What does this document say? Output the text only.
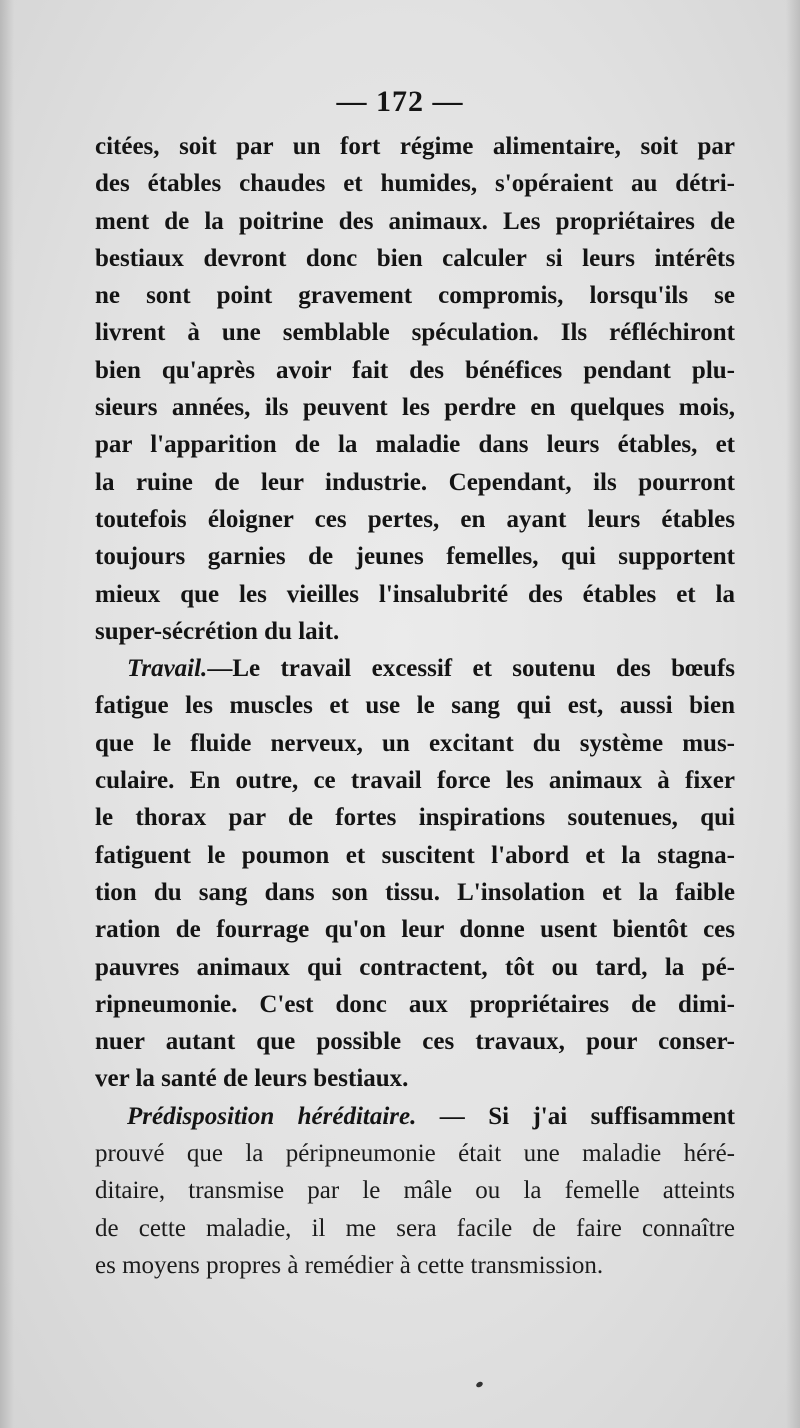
— 172 —
citées, soit par un fort régime alimentaire, soit par
des étables chaudes et humides, s'opéraient au détri-
ment de la poitrine des animaux. Les propriétaires de
bestiaux devront donc bien calculer si leurs intérêts
ne sont point gravement compromis, lorsqu'ils se
livrent à une semblable spéculation. Ils réfléchiront
bien qu'après avoir fait des bénéfices pendant plu-
sieurs années, ils peuvent les perdre en quelques mois,
par l'apparition de la maladie dans leurs étables, et
la ruine de leur industrie. Cependant, ils pourront
toutefois éloigner ces pertes, en ayant leurs étables
toujours garnies de jeunes femelles, qui supportent
mieux que les vieilles l'insalubrité des étables et la
super-sécrétion du lait.
Travail.—Le travail excessif et soutenu des bœufs
fatigue les muscles et use le sang qui est, aussi bien
que le fluide nerveux, un excitant du système mus-
culaire. En outre, ce travail force les animaux à fixer
le thorax par de fortes inspirations soutenues, qui
fatiguent le poumon et suscitent l'abord et la stagna-
tion du sang dans son tissu. L'insolation et la faible
ration de fourrage qu'on leur donne usent bientôt ces
pauvres animaux qui contractent, tôt ou tard, la pé-
ripneumonie. C'est donc aux propriétaires de dimi-
nuer autant que possible ces travaux, pour conser-
ver la santé de leurs bestiaux.
Prédisposition héréditaire. — Si j'ai suffisamment
prouvé que la péripneumonie était une maladie héré-
ditaire, transmise par le mâle ou la femelle atteints
de cette maladie, il me sera facile de faire connaître
es moyens propres à remédier à cette transmission.
